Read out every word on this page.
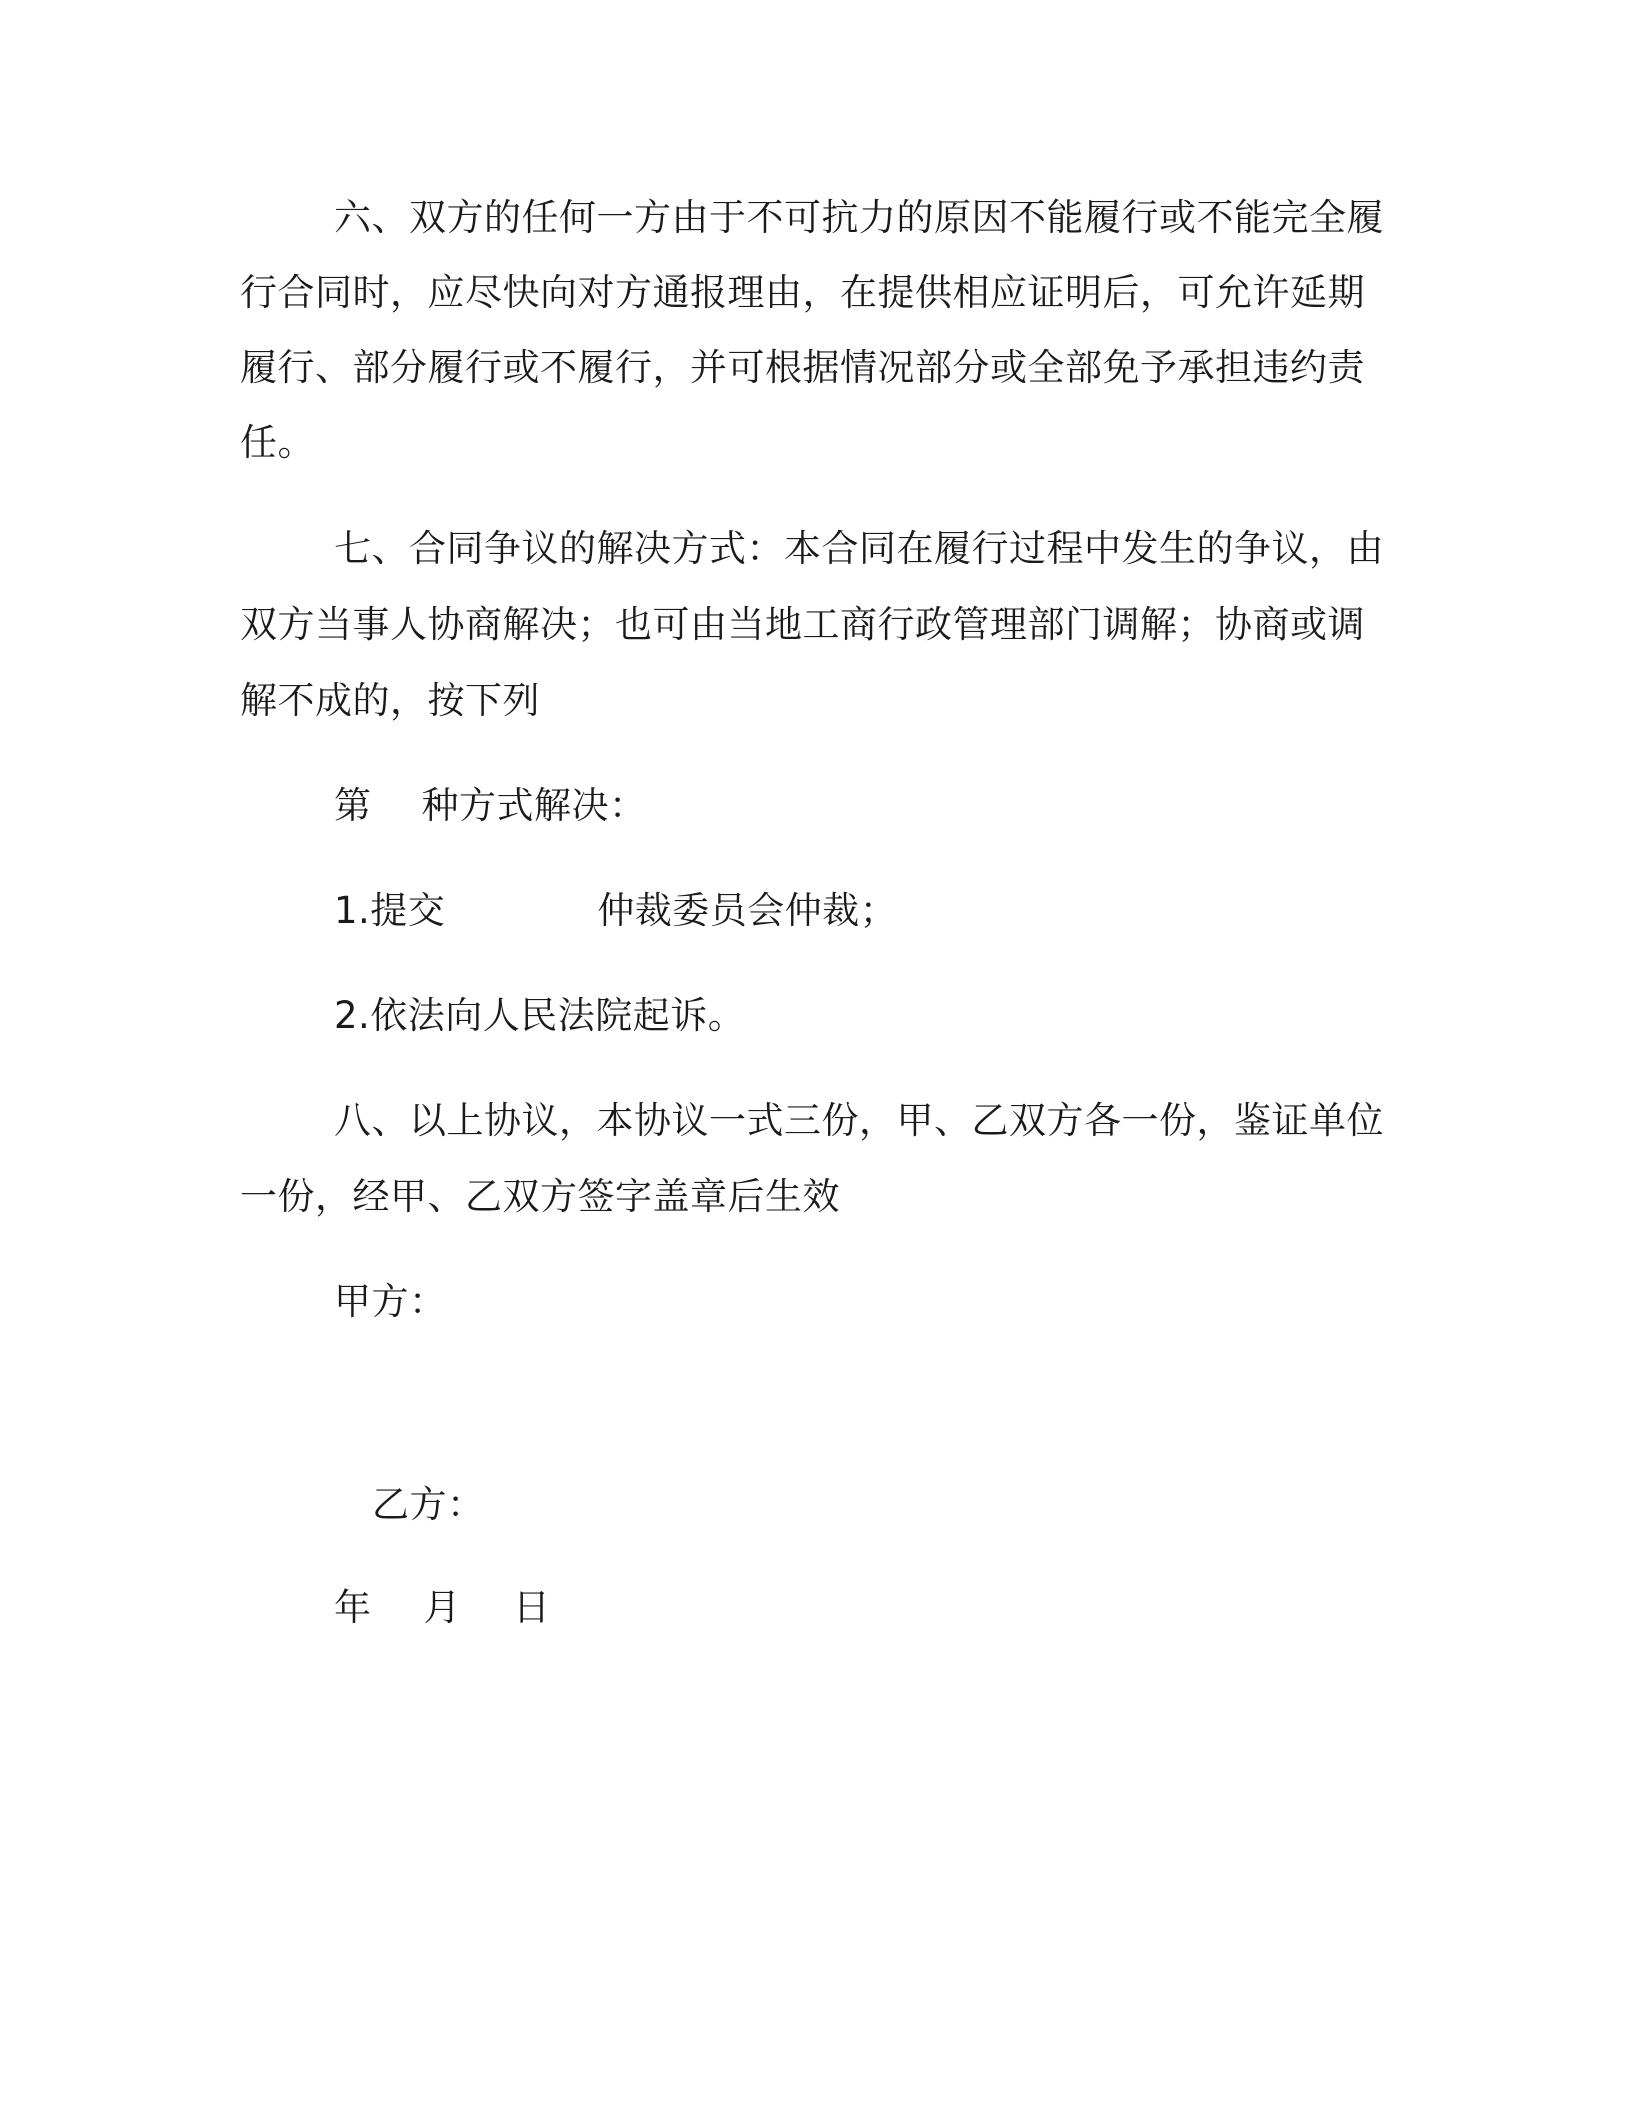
六、双方的任何一方由于不可抗力的原因不能履行或不能完全履
行合同时，应尽快向对方通报理由，在提供相应证明后，可允许延期
履行、部分履行或不履行，并可根据情况部分或全部免予承担违约责
任。
七、合同争议的解决方式：本合同在履行过程中发生的争议，由
双方当事人协商解决；也可由当地工商行政管理部门调解；协商或调
解不成的，按下列
第 种方式解决：
1.提交	仲裁委员会仲裁；
2.依法向人民法院起诉。
八、以上协议，本协议一式三份，甲、乙双方各一份，鉴证单位
一份，经甲、乙双方签字盖章后生效
甲方：
乙方：
年 月 日
